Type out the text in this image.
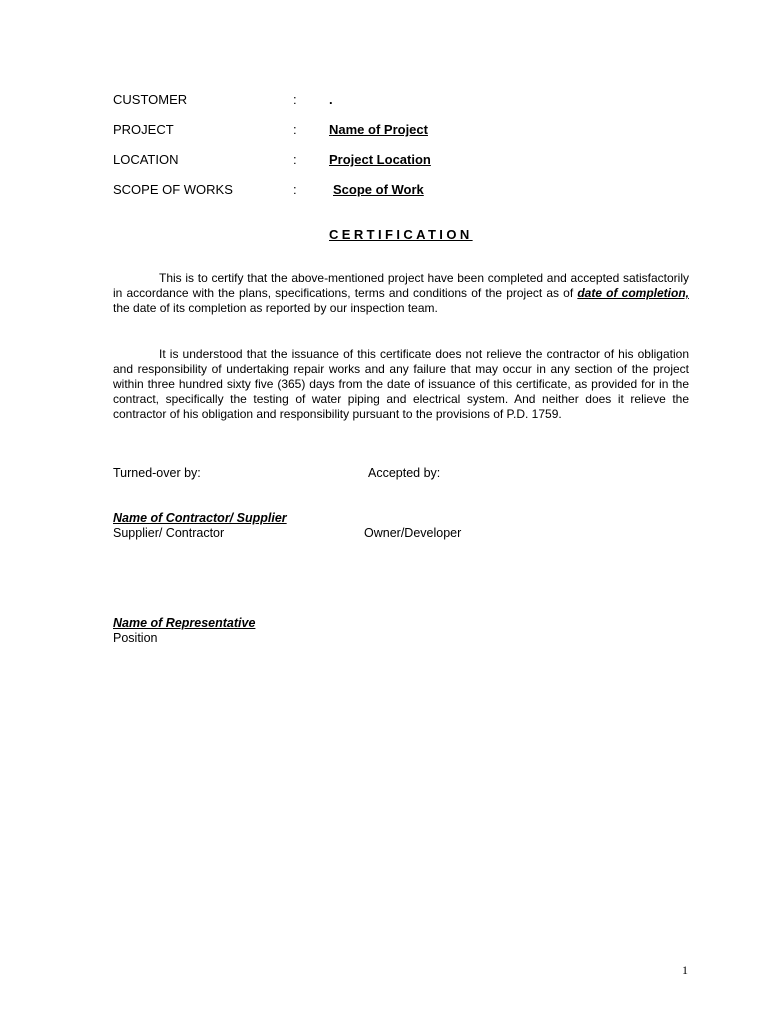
CUSTOMER	: .
PROJECT	: Name of Project
LOCATION	: Project Location
SCOPE OF WORKS	:	Scope of Work
CERTIFICATION
This is to certify that the above-mentioned project have been completed and accepted satisfactorily in accordance with the plans, specifications, terms and conditions of the project as of date of completion, the date of its completion as reported by our inspection team.
It is understood that the issuance of this certificate does not relieve the contractor of his obligation and responsibility of undertaking repair works and any failure that may occur in any section of the project within three hundred sixty five (365) days from the date of issuance of this certificate, as provided for in the contract, specifically the testing of water piping and electrical system. And neither does it relieve the contractor of his obligation and responsibility pursuant to the provisions of P.D. 1759.
Turned-over by:	Accepted by:
Name of Contractor/ Supplier
Supplier/ Contractor	Owner/Developer
Name of Representative
Position
1
